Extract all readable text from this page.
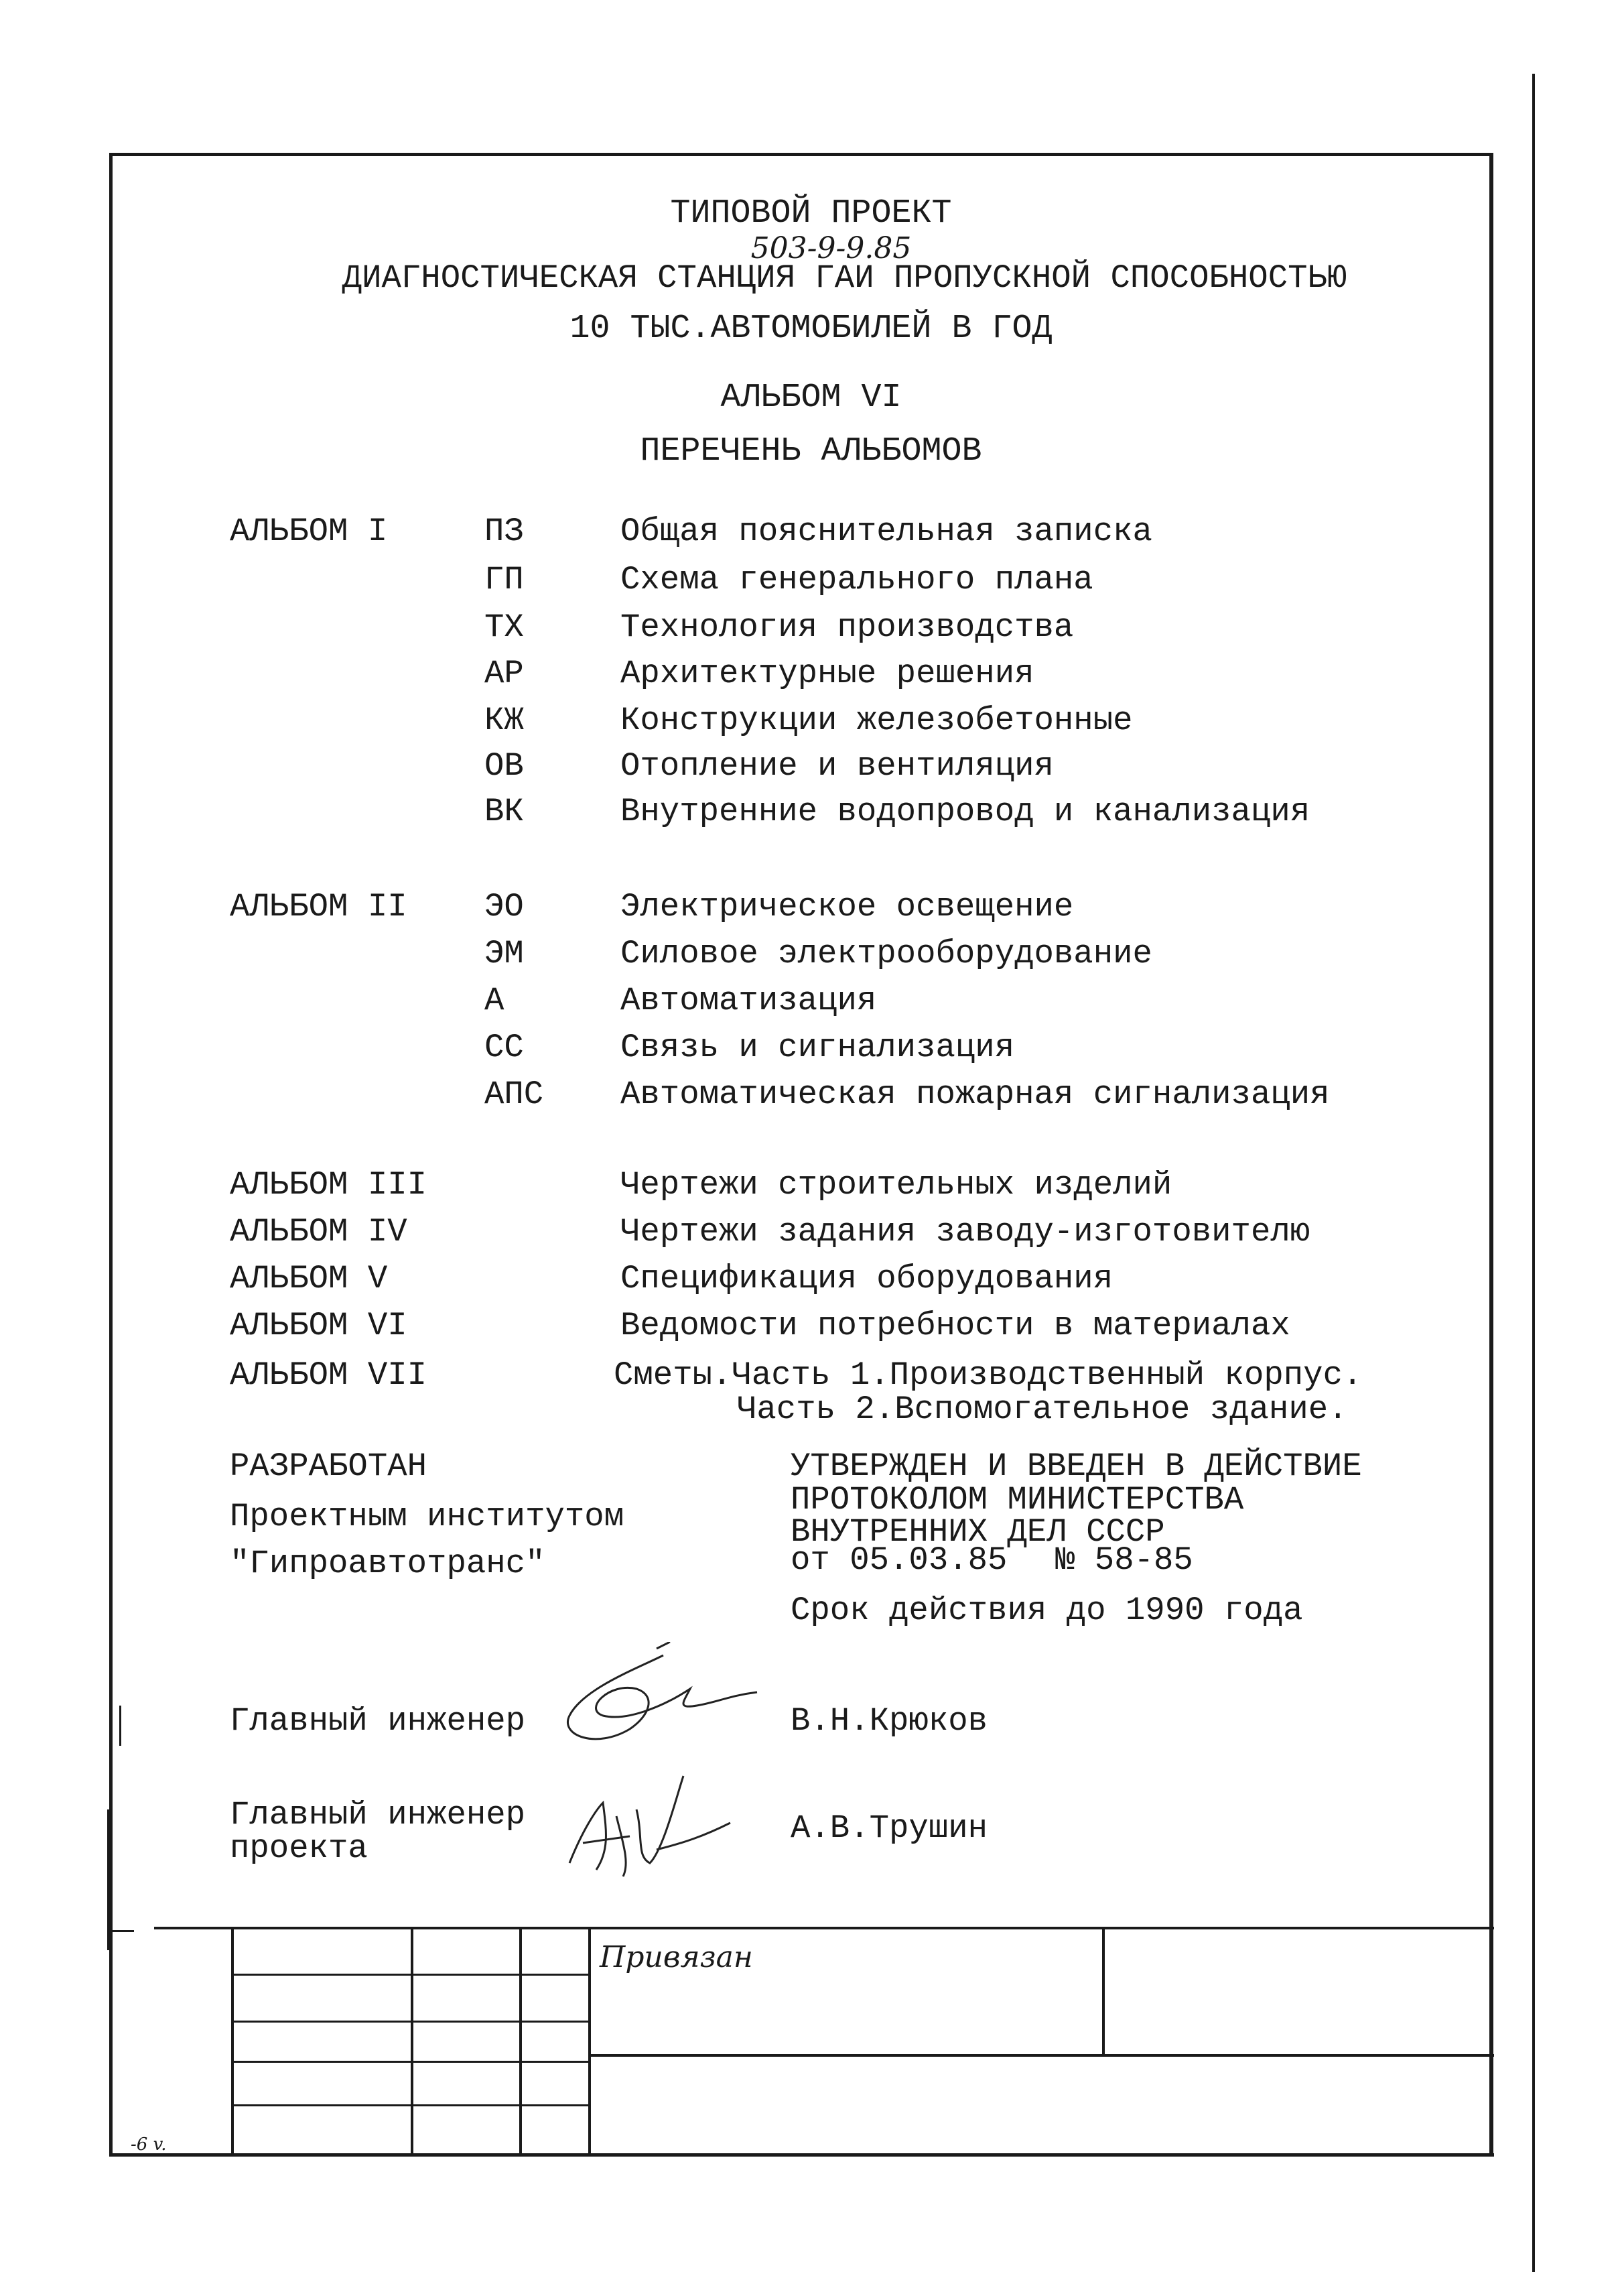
ТИПОВОЙ ПРОЕКТ
503-9-9.85
ДИАГНОСТИЧЕСКАЯ СТАНЦИЯ ГАИ ПРОПУСКНОЙ СПОСОБНОСТЬЮ
10 ТЫС.АВТОМОБИЛЕЙ В ГОД
АЛЬБОМ VI
ПЕРЕЧЕНЬ АЛЬБОМОВ
АЛЬБОМ I	ПЗ	Общая пояснительная записка
ГП	Схема генерального плана
ТХ	Технология производства
АР	Архитектурные решения
КЖ	Конструкции железобетонные
ОВ	Отопление и вентиляция
ВК	Внутренние водопровод и канализация
АЛЬБОМ II ЭО	Электрическое освещение
ЭМ	Силовое электрооборудование
А	Автоматизация
СС	Связь и сигнализация
АПС Автоматическая пожарная сигнализация
АЛЬБОМ III	Чертежи строительных изделий
АЛЬБОМ IV	Чертежи задания заводу-изготовителю
АЛЬБОМ V	Спецификация оборудования
АЛЬБОМ VI	Ведомости потребности в материалах
АЛЬБОМ VII	Сметы.Часть 1.Производственный корпус.
Часть 2.Вспомогательное здание.
РАЗРАБОТАН
Проектным институтом
"Гипроавтотранс"
УТВЕРЖДЕН И ВВЕДЕН В ДЕЙСТВИЕ
ПРОТОКОЛОМ МИНИСТЕРСТВА
ВНУТРЕННИХ ДЕЛ СССР
от 05.03.85 № 58-85
Срок действия до 1990 года
Главный инженер	В.Н.Крюков
Главный инженер
проекта
А.В.Трушин
Привязан
-6 v.
